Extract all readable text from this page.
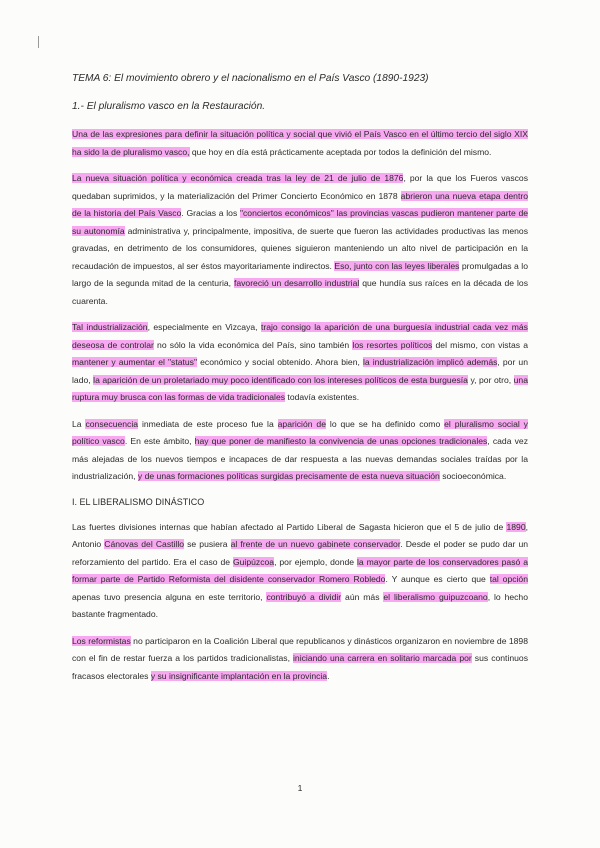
TEMA 6: El movimiento obrero y el nacionalismo en el País Vasco (1890-1923)
1.- El pluralismo vasco en la Restauración.

Una de las expresiones para definir la situación política y social que vivió el País Vasco en el último tercio del siglo XIX ha sido la de pluralismo vasco, que hoy en día está prácticamente aceptada por todos la definición del mismo.

La nueva situación política y económica creada tras la ley de 21 de julio de 1876, por la que los Fueros vascos quedaban suprimidos, y la materialización del Primer Concierto Económico en 1878 abrieron una nueva etapa dentro de la historia del País Vasco. Gracias a los "conciertos económicos" las provincias vascas pudieron mantener parte de su autonomía administrativa y, principalmente, impositiva, de suerte que fueron las actividades productivas las menos gravadas, en detrimento de los consumidores, quienes siguieron manteniendo un alto nivel de participación en la recaudación de impuestos, al ser éstos mayoritariamente indirectos. Eso, junto con las leyes liberales promulgadas a lo largo de la segunda mitad de la centuria, favoreció un desarrollo industrial que hundía sus raíces en la década de los cuarenta.

Tal industrialización, especialmente en Vizcaya, trajo consigo la aparición de una burguesía industrial cada vez más deseosa de controlar no sólo la vida económica del País, sino también los resortes políticos del mismo, con vistas a mantener y aumentar el "status" económico y social obtenido. Ahora bien, la industrialización implicó además, por un lado, la aparición de un proletariado muy poco identificado con los intereses políticos de esta burguesía y, por otro, una ruptura muy brusca con las formas de vida tradicionales todavía existentes.

La consecuencia inmediata de este proceso fue la aparición de lo que se ha definido como el pluralismo social y político vasco. En este ámbito, hay que poner de manifiesto la convivencia de unas opciones tradicionales, cada vez más alejadas de los nuevos tiempos e incapaces de dar respuesta a las nuevas demandas sociales traídas por la industrialización, y de unas formaciones políticas surgidas precisamente de esta nueva situación socioeconómica.

I. EL LIBERALISMO DINÁSTICO

Las fuertes divisiones internas que habían afectado al Partido Liberal de Sagasta hicieron que el 5 de julio de 1890, Antonio Cánovas del Castillo se pusiera al frente de un nuevo gabinete conservador. Desde el poder se pudo dar un reforzamiento del partido. Era el caso de Guipúzcoa, por ejemplo, donde la mayor parte de los conservadores pasó a formar parte de Partido Reformista del disidente conservador Romero Robledo. Y aunque es cierto que tal opción apenas tuvo presencia alguna en este territorio, contribuyó a dividir aún más el liberalismo guipuzcoano, lo hecho bastante fragmentado.

Los reformistas no participaron en la Coalición Liberal que republicanos y dinásticos organizaron en noviembre de 1898 con el fin de restar fuerza a los partidos tradicionalistas, iniciando una carrera en solitario marcada por sus continuos fracasos electorales y su insignificante implantación en la provincia.

1
